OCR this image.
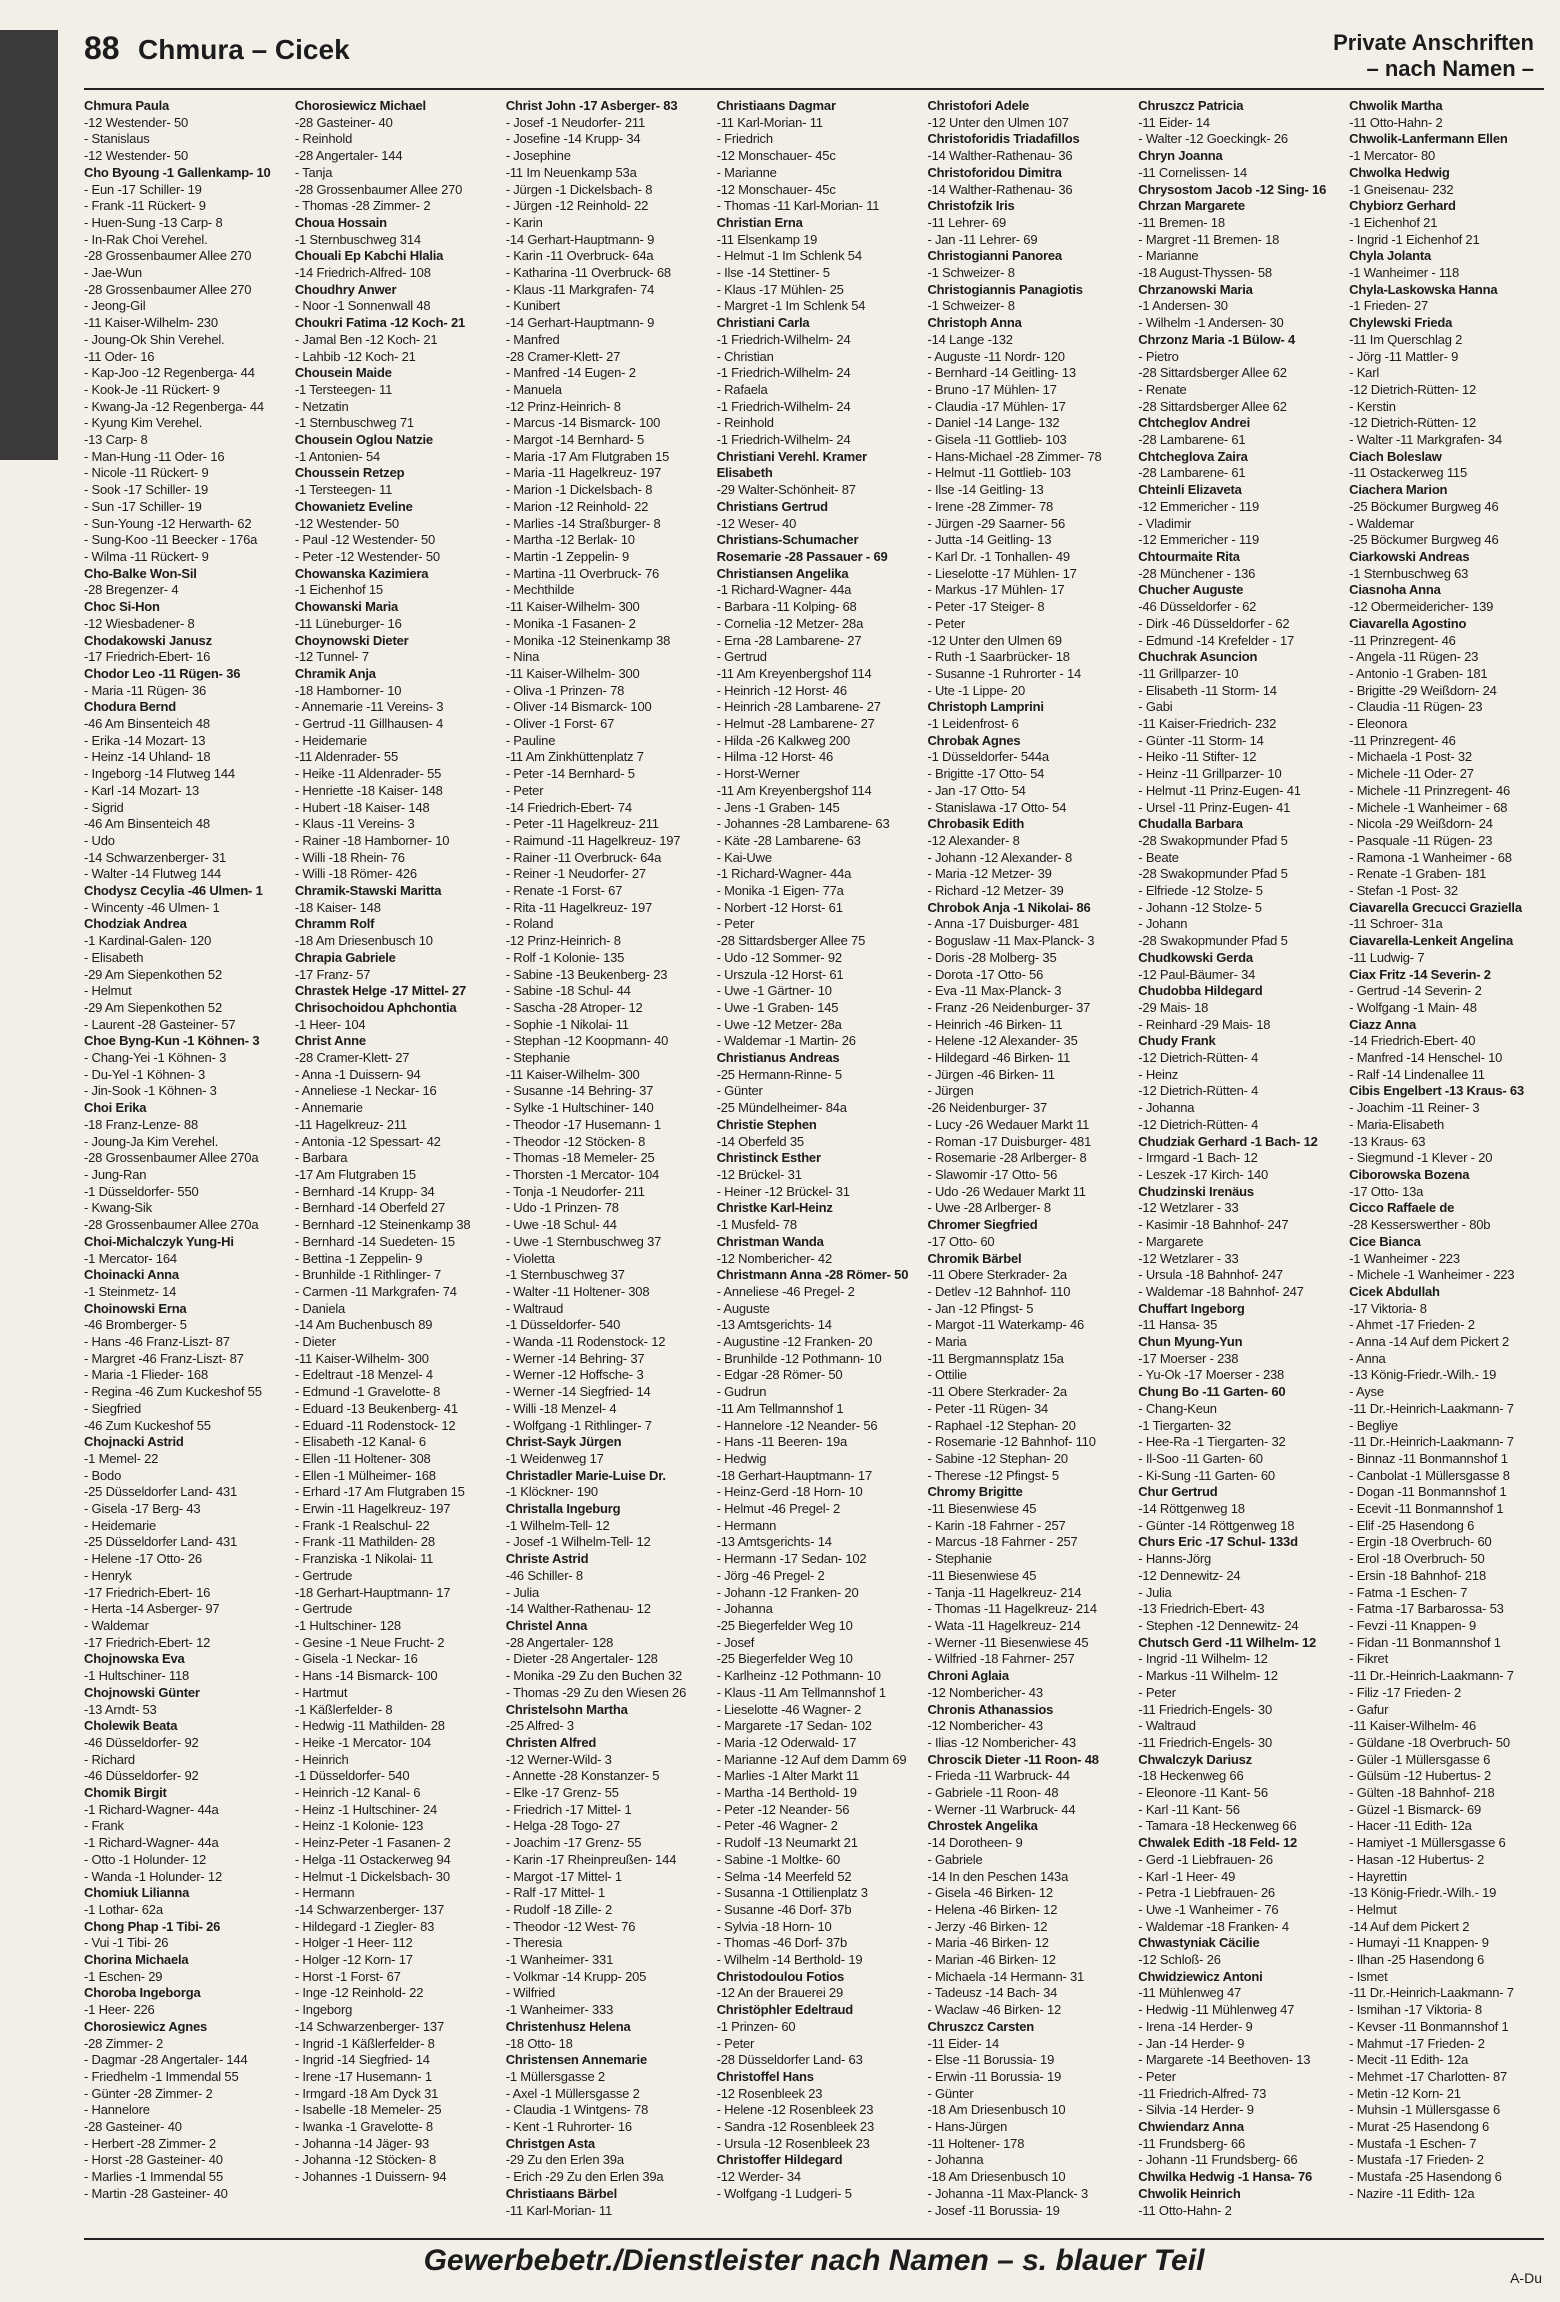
88 Chmura – Cicek	Private Anschriften
– nach Namen –
Chmura Paula
-12 Westender- 50
- Stanislaus
-12 Westender- 50
Cho Byoung -1 Gallenkamp- 10
- Eun -17 Schiller- 19
- Frank -11 Rückert- 9
- Huen-Sung -13 Carp- 8
- In-Rak Choi Verehel.
-28 Grossenbaumer Allee 270
- Jae-Wun
-28 Grossenbaumer Allee 270
- Jeong-Gil
-11 Kaiser-Wilhelm- 230
- Joung-Ok Shin Verehel.
-11 Oder- 16
- Kap-Joo -12 Regenberga- 44
- Kook-Je -11 Rückert- 9
- Kwang-Ja -12 Regenberga- 44
- Kyung Kim Verehel.
-13 Carp- 8
- Man-Hung -11 Oder- 16
- Nicole -11 Rückert- 9
- Sook -17 Schiller- 19
- Sun -17 Schiller- 19
- Sun-Young -12 Herwarth- 62
- Sung-Koo -11 Beecker - 176a
- Wilma -11 Rückert- 9
Cho-Balke Won-Sil
-28 Bregenzer- 4
Choc Si-Hon
-12 Wiesbadener- 8
Chodakowski Janusz
-17 Friedrich-Ebert- 16
Chodor Leo -11 Rügen- 36
- Maria -11 Rügen- 36
Chodura Bernd
-46 Am Binsenteich 48
- Erika -14 Mozart- 13
- Heinz -14 Uhland- 18
- Ingeborg -14 Flutweg 144
- Karl -14 Mozart- 13
- Sigrid
-46 Am Binsenteich 48
- Udo
-14 Schwarzenberger- 31
- Walter -14 Flutweg 144
Chodysz Cecylia -46 Ulmen- 1
- Wincenty -46 Ulmen- 1
Chodziak Andrea
-1 Kardinal-Galen- 120
- Elisabeth
-29 Am Siepenkothen 52
- Helmut
-29 Am Siepenkothen 52
- Laurent -28 Gasteiner- 57
Choe Byng-Kun -1 Köhnen- 3
- Chang-Yei -1 Köhnen- 3
- Du-Yel -1 Köhnen- 3
- Jin-Sook -1 Köhnen- 3
Choi Erika
-18 Franz-Lenze- 88
- Joung-Ja Kim Verehel.
-28 Grossenbaumer Allee 270a
- Jung-Ran
-1 Düsseldorfer- 550
- Kwang-Sik
-28 Grossenbaumer Allee 270a
Choi-Michalczyk Yung-Hi
-1 Mercator- 164
Choinacki Anna
-1 Steinmetz- 14
Choinowski Erna
-46 Bromberger- 5
- Hans -46 Franz-Liszt- 87
- Margret -46 Franz-Liszt- 87
- Maria -1 Flieder- 168
- Regina -46 Zum Kuckeshof 55
- Siegfried
-46 Zum Kuckeshof 55
Chojnacki Astrid
-1 Memel- 22
- Bodo
-25 Düsseldorfer Land- 431
- Gisela -17 Berg- 43
- Heidemarie
-25 Düsseldorfer Land- 431
- Helene -17 Otto- 26
- Henryk
-17 Friedrich-Ebert- 16
- Herta -14 Asberger- 97
- Waldemar
-17 Friedrich-Ebert- 12
Chojnowska Eva
-1 Hultschiner- 118
Chojnowski Günter
-13 Arndt- 53
Cholewik Beata
-46 Düsseldorfer- 92
- Richard
-46 Düsseldorfer- 92
Chomik Birgit
-1 Richard-Wagner- 44a
- Frank
-1 Richard-Wagner- 44a
- Otto -1 Holunder- 12
- Wanda -1 Holunder- 12
Chomiuk Lilianna
-1 Lothar- 62a
Chong Phap -1 Tibi- 26
- Vui -1 Tibi- 26
Chorina Michaela
-1 Eschen- 29
Choroba Ingeborga
-1 Heer- 226
Chorosiewicz Agnes
-28 Zimmer- 2
- Dagmar -28 Angertaler- 144
- Friedhelm -1 Immendal 55
- Günter -28 Zimmer- 2
- Hannelore
-28 Gasteiner- 40
- Herbert -28 Zimmer- 2
- Horst -28 Gasteiner- 40
- Marlies -1 Immendal 55
- Martin -28 Gasteiner- 40
Chorosiewicz Michael
-28 Gasteiner- 40
- Reinhold
-28 Angertaler- 144
- Tanja
-28 Grossenbaumer Allee 270
- Thomas -28 Zimmer- 2
Choua Hossain
-1 Sternbuschweg 314
Chouali Ep Kabchi Hlalia
-14 Friedrich-Alfred- 108
Choudhry Anwer
- Noor -1 Sonnenwall 48
Choukri Fatima -12 Koch- 21
- Jamal Ben -12 Koch- 21
- Lahbib -12 Koch- 21
Chousein Maide
-1 Tersteegen- 11
- Netzatin
-1 Sternbuschweg 71
Chousein Oglou Natzie
-1 Antonien- 54
Choussein Retzep
-1 Tersteegen- 11
Chowanietz Eveline
-12 Westender- 50
- Paul -12 Westender- 50
- Peter -12 Westender- 50
Chowanska Kazimiera
-1 Eichenhof 15
Chowanski Maria
-11 Lüneburger- 16
Choynowski Dieter
-12 Tunnel- 7
Chramik Anja
-18 Hamborner- 10
- Annemarie -11 Vereins- 3
- Gertrud -11 Gillhausen- 4
- Heidemarie
-11 Aldenrader- 55
- Heike -11 Aldenrader- 55
- Henriette -18 Kaiser- 148
- Hubert -18 Kaiser- 148
- Klaus -11 Vereins- 3
- Rainer -18 Hamborner- 10
- Willi -18 Rhein- 76
- Willi -18 Römer- 426
Chramik-Stawski Maritta
-18 Kaiser- 148
Chramm Rolf
-18 Am Driesenbusch 10
Chrapia Gabriele
-17 Franz- 57
Chrastek Helge -17 Mittel- 27
Chrisochoidou Aphchontia
-1 Heer- 104
Christ Anne
-28 Cramer-Klett- 27
- Anna -1 Duissern- 94
- Anneliese -1 Neckar- 16
- Annemarie
-11 Hagelkreuz- 211
- Antonia -12 Spessart- 42
- Barbara
-17 Am Flutgraben 15
- Bernhard -14 Krupp- 34
- Bernhard -14 Oberfeld 27
- Bernhard -12 Steinenkamp 38
- Bernhard -14 Suedeten- 15
- Bettina -1 Zeppelin- 9
- Brunhilde -1 Rithlinger- 7
- Carmen -11 Markgrafen- 74
- Daniela
-14 Am Buchenbusch 89
- Dieter
-11 Kaiser-Wilhelm- 300
- Edeltraut -18 Menzel- 4
- Edmund -1 Gravelotte- 8
- Eduard -13 Beukenberg- 41
- Eduard -11 Rodenstock- 12
- Elisabeth -12 Kanal- 6
- Ellen -11 Holtener- 308
- Ellen -1 Mülheimer- 168
- Erhard -17 Am Flutgraben 15
- Erwin -11 Hagelkreuz- 197
- Frank -1 Realschul- 22
- Frank -11 Mathilden- 28
- Franziska -1 Nikolai- 11
- Gertrude
-18 Gerhart-Hauptmann- 17
- Gertrude
-1 Hultschiner- 128
- Gesine -1 Neue Frucht- 2
- Gisela -1 Neckar- 16
- Hans -14 Bismarck- 100
- Hartmut
-1 Käßlerfelder- 8
- Hedwig -11 Mathilden- 28
- Heike -1 Mercator- 104
- Heinrich
-1 Düsseldorfer- 540
- Heinrich -12 Kanal- 6
- Heinz -1 Hultschiner- 24
- Heinz -1 Kolonie- 123
- Heinz-Peter -1 Fasanen- 2
- Helga -11 Ostackerweg 94
- Helmut -1 Dickelsbach- 30
- Hermann
-14 Schwarzenberger- 137
- Hildegard -1 Ziegler- 83
- Holger -1 Heer- 112
- Holger -12 Korn- 17
- Horst -1 Forst- 67
- Inge -12 Reinhold- 22
- Ingeborg
-14 Schwarzenberger- 137
- Ingrid -1 Käßlerfelder- 8
- Ingrid -14 Siegfried- 14
- Irene -17 Husemann- 1
- Irmgard -18 Am Dyck 31
- Isabelle -18 Memeler- 25
- Iwanka -1 Gravelotte- 8
- Johanna -14 Jäger- 93
- Johanna -12 Stöcken- 8
- Johannes -1 Duissern- 94
Christ John -17 Asberger- 83
- Josef -1 Neudorfer- 211
- Josefine -14 Krupp- 34
- Josephine
-11 Im Neuenkamp 53a
- Jürgen -1 Dickelsbach- 8
- Jürgen -12 Reinhold- 22
- Karin
-14 Gerhart-Hauptmann- 9
- Karin -11 Overbruck- 64a
- Katharina -11 Overbruck- 68
- Klaus -11 Markgrafen- 74
- Kunibert
-14 Gerhart-Hauptmann- 9
- Manfred
-28 Cramer-Klett- 27
- Manfred -14 Eugen- 2
- Manuela
-12 Prinz-Heinrich- 8
- Marcus -14 Bismarck- 100
- Margot -14 Bernhard- 5
- Maria -17 Am Flutgraben 15
- Maria -11 Hagelkreuz- 197
- Marion -1 Dickelsbach- 8
- Marion -12 Reinhold- 22
- Marlies -14 Straßburger- 8
- Martha -12 Berlak- 10
- Martin -1 Zeppelin- 9
- Martina -11 Overbruck- 76
- Mechthilde
-11 Kaiser-Wilhelm- 300
- Monika -1 Fasanen- 2
- Monika -12 Steinenkamp 38
- Nina
-11 Kaiser-Wilhelm- 300
- Oliva -1 Prinzen- 78
- Oliver -14 Bismarck- 100
- Oliver -1 Forst- 67
- Pauline
-11 Am Zinkhüttenplatz 7
- Peter -14 Bernhard- 5
- Peter
-14 Friedrich-Ebert- 74
- Peter -11 Hagelkreuz- 211
- Raimund -11 Hagelkreuz- 197
- Rainer -11 Overbruck- 64a
- Reiner -1 Neudorfer- 27
- Renate -1 Forst- 67
- Rita -11 Hagelkreuz- 197
- Roland
-12 Prinz-Heinrich- 8
- Rolf -1 Kolonie- 135
- Sabine -13 Beukenberg- 23
- Sabine -18 Schul- 44
- Sascha -28 Atroper- 12
- Sophie -1 Nikolai- 11
- Stephan -12 Koopmann- 40
- Stephanie
-11 Kaiser-Wilhelm- 300
- Susanne -14 Behring- 37
- Sylke -1 Hultschiner- 140
- Theodor -17 Husemann- 1
- Theodor -12 Stöcken- 8
- Thomas -18 Memeler- 25
- Thorsten -1 Mercator- 104
- Tonja -1 Neudorfer- 211
- Udo -1 Prinzen- 78
- Uwe -18 Schul- 44
- Uwe -1 Sternbuschweg 37
- Violetta
-1 Sternbuschweg 37
- Walter -11 Holtener- 308
- Waltraud
-1 Düsseldorfer- 540
- Wanda -11 Rodenstock- 12
- Werner -14 Behring- 37
- Werner -12 Hoffsche- 3
- Werner -14 Siegfried- 14
- Willi -18 Menzel- 4
- Wolfgang -1 Rithlinger- 7
Christ-Sayk Jürgen
-1 Weidenweg 17
Christadler Marie-Luise Dr.
-1 Klöckner- 190
Christalla Ingeburg
-1 Wilhelm-Tell- 12
- Josef -1 Wilhelm-Tell- 12
Christe Astrid
-46 Schiller- 8
- Julia
-14 Walther-Rathenau- 12
Christel Anna
-28 Angertaler- 128
- Dieter -28 Angertaler- 128
- Monika -29 Zu den Buchen 32
- Thomas -29 Zu den Wiesen 26
Christelsohn Martha
-25 Alfred- 3
Christen Alfred
-12 Werner-Wild- 3
- Annette -28 Konstanzer- 5
- Elke -17 Grenz- 55
- Friedrich -17 Mittel- 1
- Helga -28 Togo- 27
- Joachim -17 Grenz- 55
- Karin -17 Rheinpreußen- 144
- Margot -17 Mittel- 1
- Ralf -17 Mittel- 1
- Rudolf -18 Zille- 2
- Theodor -12 West- 76
- Theresia
-1 Wanheimer- 331
- Volkmar -14 Krupp- 205
- Wilfried
-1 Wanheimer- 333
Christenhusz Helena
-18 Otto- 18
Christensen Annemarie
-1 Müllersgasse 2
- Axel -1 Müllersgasse 2
- Claudia -1 Wintgens- 78
- Kent -1 Ruhrorter- 16
Christgen Asta
-29 Zu den Erlen 39a
- Erich -29 Zu den Erlen 39a
Christiaans Bärbel
-11 Karl-Morian- 11
Christiaans Dagmar
-11 Karl-Morian- 11
- Friedrich
-12 Monschauer- 45c
- Marianne
-12 Monschauer- 45c
- Thomas -11 Karl-Morian- 11
Christian Erna
-11 Elsenkamp 19
- Helmut -1 Im Schlenk 54
- Ilse -14 Stettiner- 5
- Klaus -17 Mühlen- 25
- Margret -1 Im Schlenk 54
Christiani Carla
-1 Friedrich-Wilhelm- 24
- Christian
-1 Friedrich-Wilhelm- 24
- Rafaela
-1 Friedrich-Wilhelm- 24
- Reinhold
-1 Friedrich-Wilhelm- 24
Christiani Verehl. Kramer
Elisabeth
-29 Walter-Schönheit- 87
Christians Gertrud
-12 Weser- 40
Christians-Schumacher
Rosemarie -28 Passauer - 69
Christiansen Angelika
-1 Richard-Wagner- 44a
- Barbara -11 Kolping- 68
- Cornelia -12 Metzer- 28a
- Erna -28 Lambarene- 27
- Gertrud
-11 Am Kreyenbergshof 114
- Heinrich -12 Horst- 46
- Heinrich -28 Lambarene- 27
- Helmut -28 Lambarene- 27
- Hilda -26 Kalkweg 200
- Hilma -12 Horst- 46
- Horst-Werner
-11 Am Kreyenbergshof 114
- Jens -1 Graben- 145
- Johannes -28 Lambarene- 63
- Käte -28 Lambarene- 63
- Kai-Uwe
-1 Richard-Wagner- 44a
- Monika -1 Eigen- 77a
- Norbert -12 Horst- 61
- Peter
-28 Sittardsberger Allee 75
- Udo -12 Sommer- 92
- Urszula -12 Horst- 61
- Uwe -1 Gärtner- 10
- Uwe -1 Graben- 145
- Uwe -12 Metzer- 28a
- Waldemar -1 Martin- 26
Christianus Andreas
-25 Hermann-Rinne- 5
- Günter
-25 Mündelheimer- 84a
Christie Stephen
-14 Oberfeld 35
Christinck Esther
-12 Brückel- 31
- Heiner -12 Brückel- 31
Christke Karl-Heinz
-1 Musfeld- 78
Christman Wanda
-12 Nombericher- 42
Christmann Anna -28 Römer- 50
- Anneliese -46 Pregel- 2
- Auguste
-13 Amtsgerichts- 14
- Augustine -12 Franken- 20
- Brunhilde -12 Pothmann- 10
- Edgar -28 Römer- 50
- Gudrun
-11 Am Tellmannshof 1
- Hannelore -12 Neander- 56
- Hans -11 Beeren- 19a
- Hedwig
-18 Gerhart-Hauptmann- 17
- Heinz-Gerd -18 Horn- 10
- Helmut -46 Pregel- 2
- Hermann
-13 Amtsgerichts- 14
- Hermann -17 Sedan- 102
- Jörg -46 Pregel- 2
- Johann -12 Franken- 20
- Johanna
-25 Biegerfelder Weg 10
- Josef
-25 Biegerfelder Weg 10
- Karlheinz -12 Pothmann- 10
- Klaus -11 Am Tellmannshof 1
- Lieselotte -46 Wagner- 2
- Margarete -17 Sedan- 102
- Maria -12 Oderwald- 17
- Marianne -12 Auf dem Damm 69
- Marlies -1 Alter Markt 11
- Martha -14 Berthold- 19
- Peter -12 Neander- 56
- Peter -46 Wagner- 2
- Rudolf -13 Neumarkt 21
- Sabine -1 Moltke- 60
- Selma -14 Meerfeld 52
- Susanna -1 Ottilienplatz 3
- Susanne -46 Dorf- 37b
- Sylvia -18 Horn- 10
- Thomas -46 Dorf- 37b
- Wilhelm -14 Berthold- 19
Christodoulou Fotios
-12 An der Brauerei 29
Christöphler Edeltraud
-1 Prinzen- 60
- Peter
-28 Düsseldorfer Land- 63
Christoffel Hans
-12 Rosenbleek 23
- Helene -12 Rosenbleek 23
- Sandra -12 Rosenbleek 23
- Ursula -12 Rosenbleek 23
Christoffer Hildegard
-12 Werder- 34
- Wolfgang -1 Ludgeri- 5
Christofori Adele
-12 Unter den Ulmen 107
Christoforidis Triadafillos
-14 Walther-Rathenau- 36
Christoforidou Dimitra
-14 Walther-Rathenau- 36
Christofzik Iris
-11 Lehrer- 69
- Jan -11 Lehrer- 69
Christogianni Panorea
-1 Schweizer- 8
Christogiannis Panagiotis
-1 Schweizer- 8
Christoph Anna
-14 Lange -132
- Auguste -11 Nordr- 120
- Bernhard -14 Geitling- 13
- Bruno -17 Mühlen- 17
- Claudia -17 Mühlen- 17
- Daniel -14 Lange- 132
- Gisela -11 Gottlieb- 103
- Hans-Michael -28 Zimmer- 78
- Helmut -11 Gottlieb- 103
- Ilse -14 Geitling- 13
- Irene -28 Zimmer- 78
- Jürgen -29 Saarner- 56
- Jutta -14 Geitling- 13
- Karl Dr. -1 Tonhallen- 49
- Lieselotte -17 Mühlen- 17
- Markus -17 Mühlen- 17
- Peter -17 Steiger- 8
- Peter
-12 Unter den Ulmen 69
- Ruth -1 Saarbrücker- 18
- Susanne -1 Ruhrorter - 14
- Ute -1 Lippe- 20
Christoph Lamprini
-1 Leidenfrost- 6
Chrobak Agnes
-1 Düsseldorfer- 544a
- Brigitte -17 Otto- 54
- Jan -17 Otto- 54
- Stanislawa -17 Otto- 54
Chrobasik Edith
-12 Alexander- 8
- Johann -12 Alexander- 8
- Maria -12 Metzer- 39
- Richard -12 Metzer- 39
Chrobok Anja -1 Nikolai- 86
- Anna -17 Duisburger- 481
- Boguslaw -11 Max-Planck- 3
- Doris -28 Molberg- 35
- Dorota -17 Otto- 56
- Eva -11 Max-Planck- 3
- Franz -26 Neidenburger- 37
- Heinrich -46 Birken- 11
- Helene -12 Alexander- 35
- Hildegard -46 Birken- 11
- Jürgen -46 Birken- 11
- Jürgen
-26 Neidenburger- 37
- Lucy -26 Wedauer Markt 11
- Roman -17 Duisburger- 481
- Rosemarie -28 Arlberger- 8
- Slawomir -17 Otto- 56
- Udo -26 Wedauer Markt 11
- Uwe -28 Arlberger- 8
Chromer Siegfried
-17 Otto- 60
Chromik Bärbel
-11 Obere Sterkrader- 2a
- Detlev -12 Bahnhof- 110
- Jan -12 Pfingst- 5
- Margot -11 Waterkamp- 46
- Maria
-11 Bergmannsplatz 15a
- Ottilie
-11 Obere Sterkrader- 2a
- Peter -11 Rügen- 34
- Raphael -12 Stephan- 20
- Rosemarie -12 Bahnhof- 110
- Sabine -12 Stephan- 20
- Therese -12 Pfingst- 5
Chromy Brigitte
-11 Biesenwiese 45
- Karin -18 Fahrner - 257
- Marcus -18 Fahrner - 257
- Stephanie
-11 Biesenwiese 45
- Tanja -11 Hagelkreuz- 214
- Thomas -11 Hagelkreuz- 214
- Wata -11 Hagelkreuz- 214
- Werner -11 Biesenwiese 45
- Wilfried -18 Fahrner- 257
Chroni Aglaia
-12 Nombericher- 43
Chronis Athanassios
-12 Nombericher- 43
- Ilias -12 Nombericher- 43
Chroscik Dieter -11 Roon- 48
- Frieda -11 Warbruck- 44
- Gabriele -11 Roon- 48
- Werner -11 Warbruck- 44
Chrostek Angelika
-14 Dorotheen- 9
- Gabriele
-14 In den Peschen 143a
- Gisela -46 Birken- 12
- Helena -46 Birken- 12
- Jerzy -46 Birken- 12
- Maria -46 Birken- 12
- Marian -46 Birken- 12
- Michaela -14 Hermann- 31
- Tadeusz -14 Bach- 34
- Waclaw -46 Birken- 12
Chruszcz Carsten
-11 Eider- 14
- Else -11 Borussia- 19
- Erwin -11 Borussia- 19
- Günter
-18 Am Driesenbusch 10
- Hans-Jürgen
-11 Holtener- 178
- Johanna
-18 Am Driesenbusch 10
- Johanna -11 Max-Planck- 3
- Josef -11 Borussia- 19
Chruszcz Patricia
-11 Eider- 14
- Walter -12 Goeckingk- 26
Chryn Joanna
-11 Cornelissen- 14
Chrysostom Jacob -12 Sing- 16
Chrzan Margarete
-11 Bremen- 18
- Margret -11 Bremen- 18
- Marianne
-18 August-Thyssen- 58
Chrzanowski Maria
-1 Andersen- 30
- Wilhelm -1 Andersen- 30
Chrzonz Maria -1 Bülow- 4
- Pietro
-28 Sittardsberger Allee 62
- Renate
-28 Sittardsberger Allee 62
Chtcheglov Andrei
-28 Lambarene- 61
Chtcheglova Zaira
-28 Lambarene- 61
Chteinli Elizaveta
-12 Emmericher - 119
- Vladimir
-12 Emmericher - 119
Chtourmaite Rita
-28 Münchener - 136
Chucher Auguste
-46 Düsseldorfer - 62
- Dirk -46 Düsseldorfer - 62
- Edmund -14 Krefelder - 17
Chuchrak Asuncion
-11 Grillparzer- 10
- Elisabeth -11 Storm- 14
- Gabi
-11 Kaiser-Friedrich- 232
- Günter -11 Storm- 14
- Heiko -11 Stifter- 12
- Heinz -11 Grillparzer- 10
- Helmut -11 Prinz-Eugen- 41
- Ursel -11 Prinz-Eugen- 41
Chudalla Barbara
-28 Swakopmunder Pfad 5
- Beate
-28 Swakopmunder Pfad 5
- Elfriede -12 Stolze- 5
- Johann -12 Stolze- 5
- Johann
-28 Swakopmunder Pfad 5
Chudkowski Gerda
-12 Paul-Bäumer- 34
Chudobba Hildegard
-29 Mais- 18
- Reinhard -29 Mais- 18
Chudy Frank
-12 Dietrich-Rütten- 4
- Heinz
-12 Dietrich-Rütten- 4
- Johanna
-12 Dietrich-Rütten- 4
Chudziak Gerhard -1 Bach- 12
- Irmgard -1 Bach- 12
- Leszek -17 Kirch- 140
Chudzinski Irenäus
-12 Wetzlarer - 33
- Kasimir -18 Bahnhof- 247
- Margarete
-12 Wetzlarer - 33
- Ursula -18 Bahnhof- 247
- Waldemar -18 Bahnhof- 247
Chuffart Ingeborg
-11 Hansa- 35
Chun Myung-Yun
-17 Moerser - 238
- Yu-Ok -17 Moerser - 238
Chung Bo -11 Garten- 60
- Chang-Keun
-1 Tiergarten- 32
- Hee-Ra -1 Tiergarten- 32
- Il-Soo -11 Garten- 60
- Ki-Sung -11 Garten- 60
Chur Gertrud
-14 Röttgenweg 18
- Günter -14 Röttgenweg 18
Churs Eric -17 Schul- 133d
- Hanns-Jörg
-12 Dennewitz- 24
- Julia
-13 Friedrich-Ebert- 43
- Stephen -12 Dennewitz- 24
Chutsch Gerd -11 Wilhelm- 12
- Ingrid -11 Wilhelm- 12
- Markus -11 Wilhelm- 12
- Peter
-11 Friedrich-Engels- 30
- Waltraud
-11 Friedrich-Engels- 30
Chwalczyk Dariusz
-18 Heckenweg 66
- Eleonore -11 Kant- 56
- Karl -11 Kant- 56
- Tamara -18 Heckenweg 66
Chwalek Edith -18 Feld- 12
- Gerd -1 Liebfrauen- 26
- Karl -1 Heer- 49
- Petra -1 Liebfrauen- 26
- Uwe -1 Wanheimer - 76
- Waldemar -18 Franken- 4
Chwastyniak Cäcilie
-12 Schloß- 26
Chwidziewicz Antoni
-11 Mühlenweg 47
- Hedwig -11 Mühlenweg 47
- Irena -14 Herder- 9
- Jan -14 Herder- 9
- Margarete -14 Beethoven- 13
- Peter
-11 Friedrich-Alfred- 73
- Silvia -14 Herder- 9
Chwiendarz Anna
-11 Frundsberg- 66
- Johann -11 Frundsberg- 66
Chwilka Hedwig -1 Hansa- 76
Chwolik Heinrich
-11 Otto-Hahn- 2
Chwolik Martha
-11 Otto-Hahn- 2
Chwolik-Lanfermann Ellen
-1 Mercator- 80
Chwolka Hedwig
-1 Gneisenau- 232
Chybiorz Gerhard
-1 Eichenhof 21
- Ingrid -1 Eichenhof 21
Chyla Jolanta
-1 Wanheimer - 118
Chyla-Laskowska Hanna
-1 Frieden- 27
Chylewski Frieda
-11 Im Querschlag 2
- Jörg -11 Mattler- 9
- Karl
-12 Dietrich-Rütten- 12
- Kerstin
-12 Dietrich-Rütten- 12
- Walter -11 Markgrafen- 34
Ciach Boleslaw
-11 Ostackerweg 115
Ciachera Marion
-25 Böckumer Burgweg 46
- Waldemar
-25 Böckumer Burgweg 46
Ciarkowski Andreas
-1 Sternbuschweg 63
Ciasnoha Anna
-12 Obermeidericher- 139
Ciavarella Agostino
-11 Prinzregent- 46
- Angela -11 Rügen- 23
- Antonio -1 Graben- 181
- Brigitte -29 Weißdorn- 24
- Claudia -11 Rügen- 23
- Eleonora
-11 Prinzregent- 46
- Michaela -1 Post- 32
- Michele -11 Oder- 27
- Michele -11 Prinzregent- 46
- Michele -1 Wanheimer - 68
- Nicola -29 Weißdorn- 24
- Pasquale -11 Rügen- 23
- Ramona -1 Wanheimer - 68
- Renate -1 Graben- 181
- Stefan -1 Post- 32
Ciavarella Grecucci Graziella
-11 Schroer- 31a
Ciavarella-Lenkeit Angelina
-11 Ludwig- 7
Ciax Fritz -14 Severin- 2
- Gertrud -14 Severin- 2
- Wolfgang -1 Main- 48
Ciazz Anna
-14 Friedrich-Ebert- 40
- Manfred -14 Henschel- 10
- Ralf -14 Lindenallee 11
Cibis Engelbert -13 Kraus- 63
- Joachim -11 Reiner- 3
- Maria-Elisabeth
-13 Kraus- 63
- Siegmund -1 Klever - 20
Ciborowska Bozena
-17 Otto- 13a
Cicco Raffaele de
-28 Kesserswerther - 80b
Cice Bianca
-1 Wanheimer - 223
- Michele -1 Wanheimer - 223
Cicek Abdullah
-17 Viktoria- 8
- Ahmet -17 Frieden- 2
- Anna -14 Auf dem Pickert 2
- Anna
-13 König-Friedr.-Wilh.- 19
- Ayse
-11 Dr.-Heinrich-Laakmann- 7
- Begliye
-11 Dr.-Heinrich-Laakmann- 7
- Binnaz -11 Bonmannshof 1
- Canbolat -1 Müllersgasse 8
- Dogan -11 Bonmannshof 1
- Ecevit -11 Bonmannshof 1
- Elif -25 Hasendong 6
- Ergin -18 Overbruch- 60
- Erol -18 Overbruch- 50
- Ersin -18 Bahnhof- 218
- Fatma -1 Eschen- 7
- Fatma -17 Barbarossa- 53
- Fevzi -11 Knappen- 9
- Fidan -11 Bonmannshof 1
- Fikret
-11 Dr.-Heinrich-Laakmann- 7
- Filiz -17 Frieden- 2
- Gafur
-11 Kaiser-Wilhelm- 46
- Güldane -18 Overbruch- 50
- Güler -1 Müllersgasse 6
- Gülsüm -12 Hubertus- 2
- Gülten -18 Bahnhof- 218
- Güzel -1 Bismarck- 69
- Hacer -11 Edith- 12a
- Hamiyet -1 Müllersgasse 6
- Hasan -12 Hubertus- 2
- Hayrettin
-13 König-Friedr.-Wilh.- 19
- Helmut
-14 Auf dem Pickert 2
- Humayi -11 Knappen- 9
- Ilhan -25 Hasendong 6
- Ismet
-11 Dr.-Heinrich-Laakmann- 7
- Ismihan -17 Viktoria- 8
- Kevser -11 Bonmannshof 1
- Mahmut -17 Frieden- 2
- Mecit -11 Edith- 12a
- Mehmet -17 Charlotten- 87
- Metin -12 Korn- 21
- Muhsin -1 Müllersgasse 6
- Murat -25 Hasendong 6
- Mustafa -1 Eschen- 7
- Mustafa -17 Frieden- 2
- Mustafa -25 Hasendong 6
- Nazire -11 Edith- 12a
Gewerbebetr./Dienstleister nach Namen – s. blauer Teil
A-Du
